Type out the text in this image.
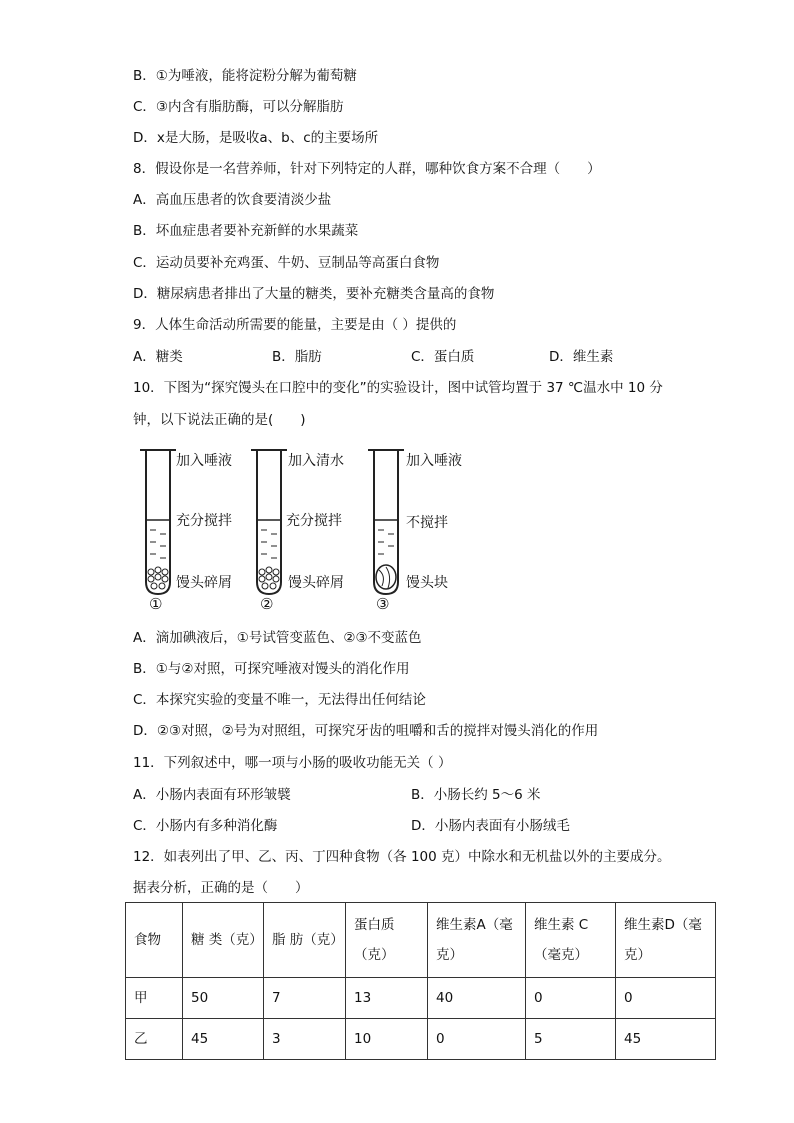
B．①为唾液，能将淀粉分解为葡萄糖
C．③内含有脂肪酶，可以分解脂肪
D．x是大肠，是吸收a、b、c的主要场所
8．假设你是一名营养师，针对下列特定的人群，哪种饮食方案不合理（　　）
A．高血压患者的饮食要清淡少盐
B．坏血症患者要补充新鲜的水果蔬菜
C．运动员要补充鸡蛋、牛奶、豆制品等高蛋白食物
D．糖尿病患者排出了大量的糖类，要补充糖类含量高的食物
9．人体生命活动所需要的能量，主要是由（ ）提供的
A．糖类	B．脂肪	C．蛋白质	D．维生素
10．下图为“探究馒头在口腔中的变化”的实验设计，图中试管均置于 37 ℃温水中 10 分
钟，以下说法正确的是(　　)
加入唾液
充分搅拌
馒头碎屑
①
加入清水
充分搅拌
馒头碎屑
②
加入唾液
不搅拌
馒头块
③
A．滴加碘液后，①号试管变蓝色、②③不变蓝色
B．①与②对照，可探究唾液对馒头的消化作用
C．本探究实验的变量不唯一，无法得出任何结论
D．②③对照，②号为对照组，可探究牙齿的咀嚼和舌的搅拌对馒头消化的作用
11．下列叙述中，哪一项与小肠的吸收功能无关（ ）
A．小肠内表面有环形皱襞	B．小肠长约 5～6 米
C．小肠内有多种消化酶	D．小肠内表面有小肠绒毛
12．如表列出了甲、乙、丙、丁四种食物（各 100 克）中除水和无机盐以外的主要成分。
据表分析，正确的是（　　）
食物	糖 类（克）	脂 肪（克）	蛋白质（克）	维生素A（毫克）	维生素 C（毫克）	维生素D（毫克）
甲	50	7	13	40	0	0
乙	45	3	10	0	5	45
